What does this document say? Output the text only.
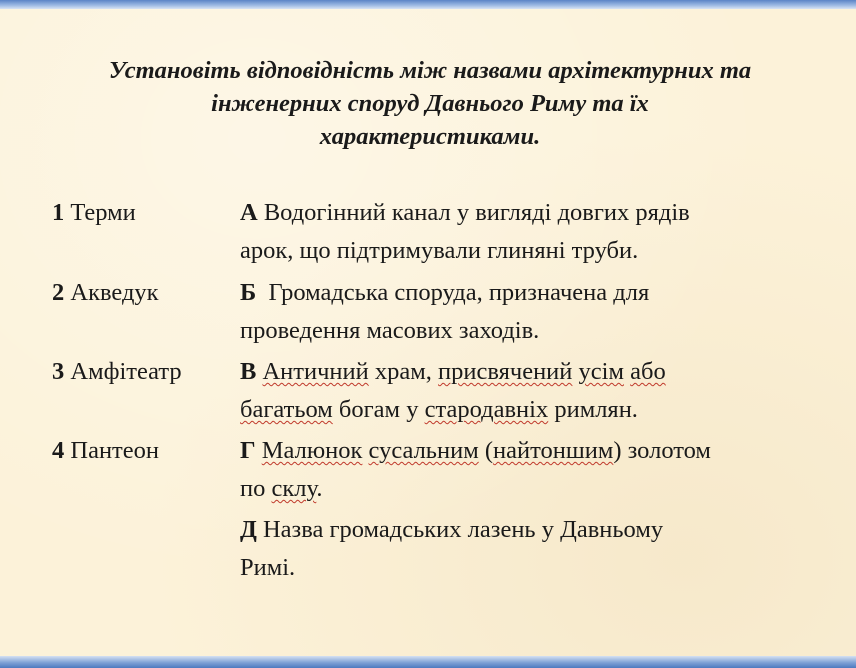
Установіть відповідність між назвами архітектурних та
інженерних споруд Давнього Риму та їх
характеристиками.
1 Терми
2 Акведук
3 Амфітеатр
4 Пантеон
А Водогінний канал у вигляді довгих рядів
арок, що підтримували глиняні труби.
Б Громадська споруда, призначена для
проведення масових заходів.
В Античний храм, присвячений усім або
багатьом богам у стародавніх римлян.
Г Малюнок сусальним (найтоншим) золотом
по склу.
Д Назва громадських лазень у Давньому
Римі.
